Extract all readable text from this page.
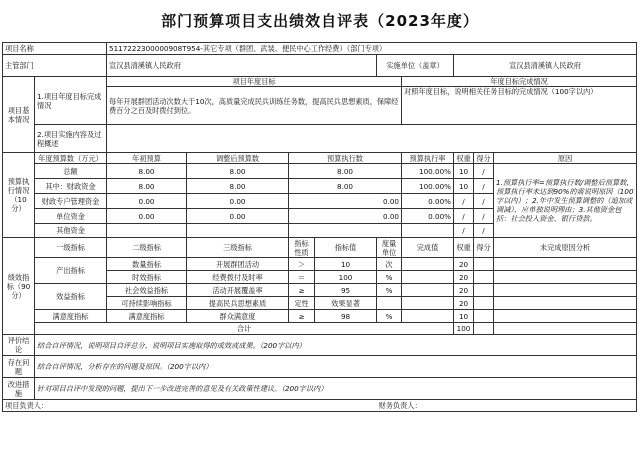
部门预算项目支出绩效自评表（2023年度）
项目名称		5117222300000908T954-其它专项（群团、武装、便民中心工作经费）（部门专项）								
主管部门		宣汉县清溪镇人民政府				实施单位（盖章）		宣汉县清溪镇人民政府		
项目基本情况	1.项目年度目标完成情况	项目年度目标					年度目标完成情况			
		每年开展群团活动次数大于10次，高质量完成民兵训练任务数，提高民兵思想素质，保障经费百分之百及时拨付到位。					对照年度目标，说明相关任务目标的完成情况（100字以内）			
	2.项目实施内容及过程概述									
预算执行情况（10分）	年度预算数（万元）	年初预算	调整后预算数	预算执行数			预算执行率	权重	得分	原因
	总额	8.00	8.00	8.00			100.00%	10	/	1.预算执行率=预算执行数/调整后预算数，预算执行率未达到90%的需说明原因（100字以内）；2.年中发生预算调整的（追加或调减），应单独说明理由；3.其他资金包括：社会投入资金、银行贷款。
	其中：财政资金	8.00	8.00	8.00			100.00%	10	/	
	财政专户管理资金	0.00	0.00	0.00			0.00%	/	/	
	单位资金	0.00	0.00	0.00			0.00%	/	/	
	其他资金							/	/	
绩效指标（90分）	一级指标	二级指标	三级指标	指标性质	指标值	度量单位	完成值	权重	得分	未完成原因分析
	产出指标	数量指标	开展群团活动	＞	10	次		20		
		时效指标	经费拨付及时率	＝	100	%		20		
	效益指标	社会效益指标	活动开展覆盖率	≥	95	%		20		
		可持续影响指标	提高民兵思想素质	定性	效果显著			20		
	满意度指标	满意度指标	群众满意度	≥	98	%		10		
	合计							100		
评价结论	结合自评情况，说明项目自评总分，说明项目实施取得的成效或成果。（200字以内）									
存在问题	结合自评情况，分析存在的问题及原因。（200字以内）									
改进措施	针对项目自评中发现的问题，提出下一步改进完善的意见及有关政策性建议。（200字以内）									
项目负责人：						财务负责人：				
